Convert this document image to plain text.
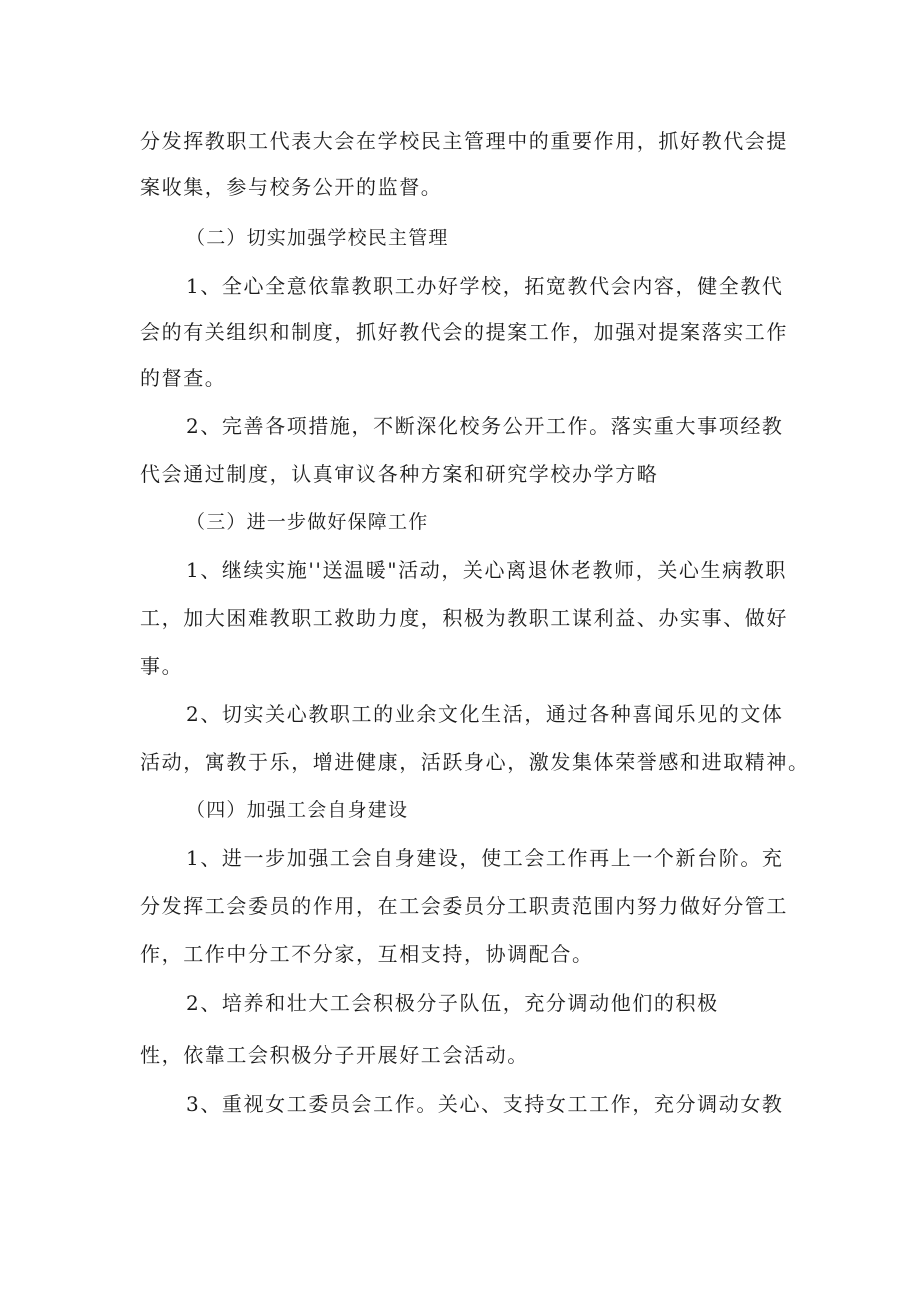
分发挥教职工代表大会在学校民主管理中的重要作用，抓好教代会提
案收集，参与校务公开的监督。
（二）切实加强学校民主管理
1、全心全意依靠教职工办好学校，拓宽教代会内容，健全教代
会的有关组织和制度，抓好教代会的提案工作，加强对提案落实工作
的督查。
2、完善各项措施，不断深化校务公开工作。落实重大事项经教
代会通过制度，认真审议各种方案和研究学校办学方略
（三）进一步做好保障工作
1、继续实施''送温暖"活动，关心离退休老教师，关心生病教职
工，加大困难教职工救助力度，积极为教职工谋利益、办实事、做好
事。
2、切实关心教职工的业余文化生活，通过各种喜闻乐见的文体
活动，寓教于乐，增进健康，活跃身心，激发集体荣誉感和进取精神。
（四）加强工会自身建设
1、进一步加强工会自身建设，使工会工作再上一个新台阶。充
分发挥工会委员的作用，在工会委员分工职责范围内努力做好分管工
作，工作中分工不分家，互相支持，协调配合。
2、培养和壮大工会积极分子队伍，充分调动他们的积极
性，依靠工会积极分子开展好工会活动。
3、重视女工委员会工作。关心、支持女工工作，充分调动女教
